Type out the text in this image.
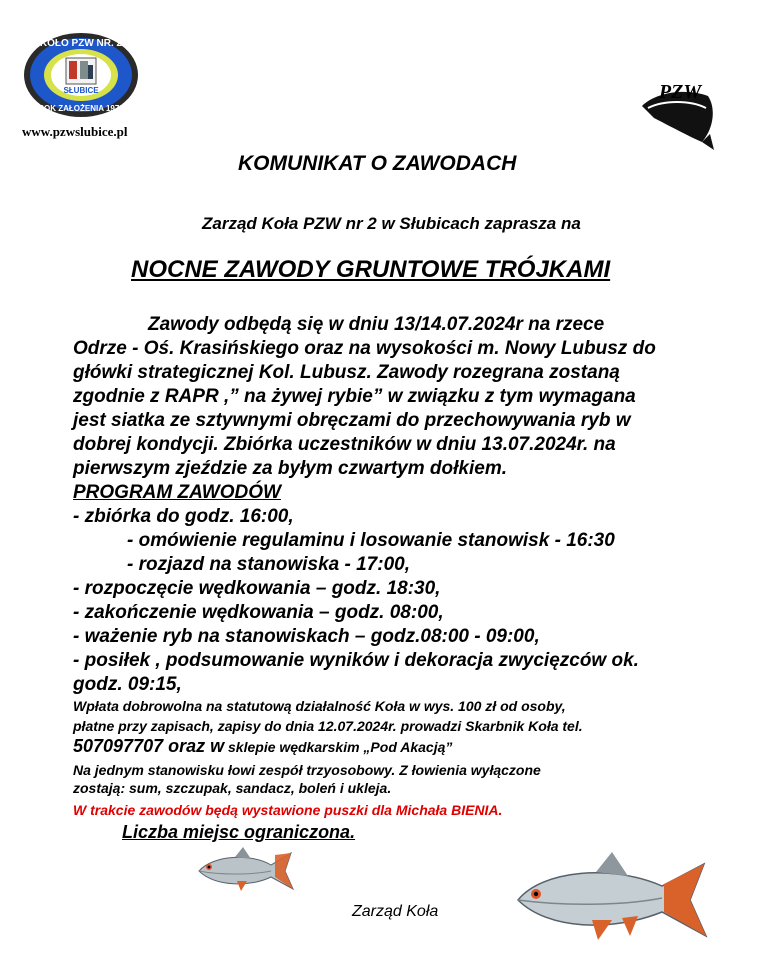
KOŁO PZW NR. 2
ROK ZAŁOŻENIA 1978
SŁUBICE
www.pzwslubice.pl
PZW
KOMUNIKAT O ZAWODACH
Zarząd Koła PZW nr 2 w Słubicach zaprasza na
NOCNE ZAWODY GRUNTOWE TRÓJKAMI
Zawody odbędą się w dniu 13/14.07.2024r na rzece
Odrze - Oś. Krasińskiego oraz na wysokości m. Nowy Lubusz do
główki strategicznej Kol. Lubusz. Zawody rozegrana zostaną
zgodnie z RAPR ,” na żywej rybie” w związku z tym wymagana
jest siatka ze sztywnymi obręczami do przechowywania ryb w
dobrej kondycji. Zbiórka uczestników w dniu 13.07.2024r. na
pierwszym zjeździe za byłym czwartym dołkiem.
PROGRAM ZAWODÓW
- zbiórka do godz. 16:00,
- omówienie regulaminu i losowanie stanowisk - 16:30
- rozjazd na stanowiska - 17:00,
- rozpoczęcie wędkowania – godz. 18:30,
- zakończenie wędkowania – godz. 08:00,
- ważenie ryb na stanowiskach – godz.08:00 - 09:00,
- posiłek , podsumowanie wyników i dekoracja zwycięzców ok.
godz. 09:15,
Wpłata dobrowolna na statutową działalność Koła w wys. 100 zł od osoby,
płatne przy zapisach, zapisy do dnia 12.07.2024r. prowadzi Skarbnik Koła tel.
507097707 oraz w sklepie wędkarskim „Pod Akacją”
Na jednym stanowisku łowi zespół trzyosobowy. Z łowienia wyłączone
zostają: sum, szczupak, sandacz, boleń i ukleja.
W trakcie zawodów będą wystawione puszki dla Michała BIENIA.
Liczba miejsc ograniczona.
Zarząd Koła
